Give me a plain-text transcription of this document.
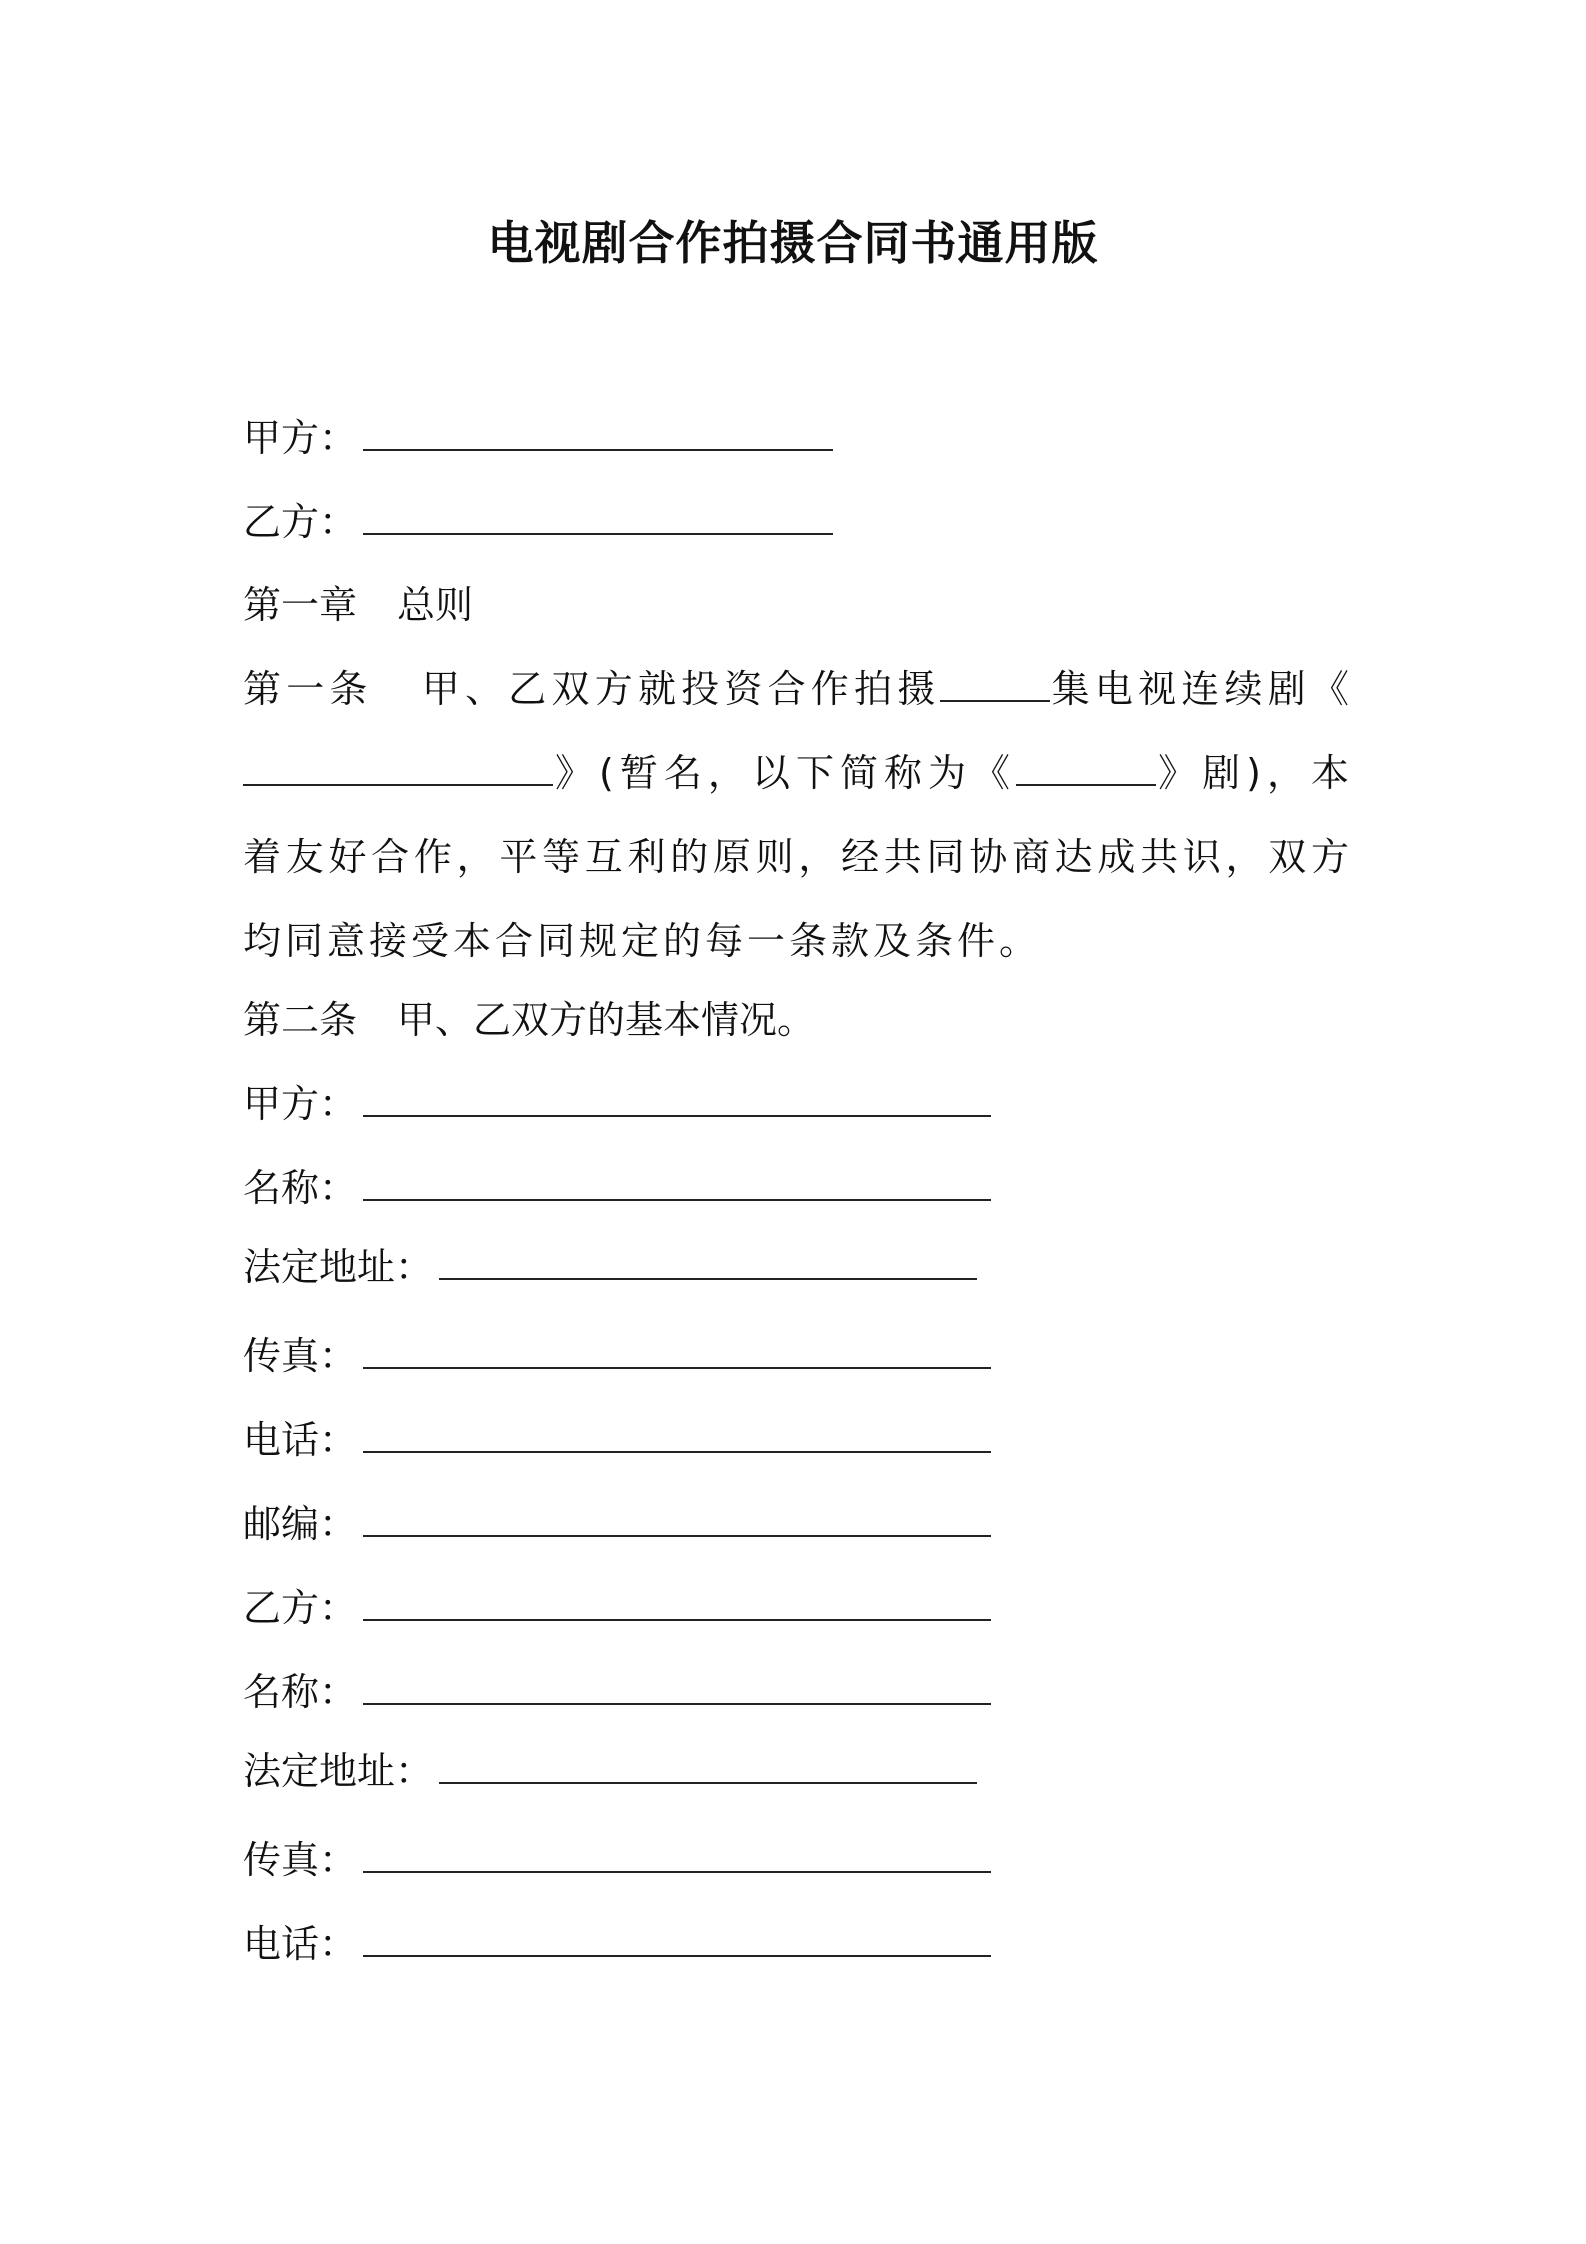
电视剧合作拍摄合同书通用版
甲方：
乙方：
第一章 总则
第一条 甲、乙双方就投资合作拍摄	集电视连续剧《》(暂名，以下简称为《	》剧)，本着友好合作，平等互利的原则，经共同协商达成共识，双方均同意接受本合同规定的每一条款及条件。
第二条 甲、乙双方的基本情况。
甲方：
名称：
法定地址：
传真：
电话：
邮编：
乙方：
名称：
法定地址：
传真：
电话：
